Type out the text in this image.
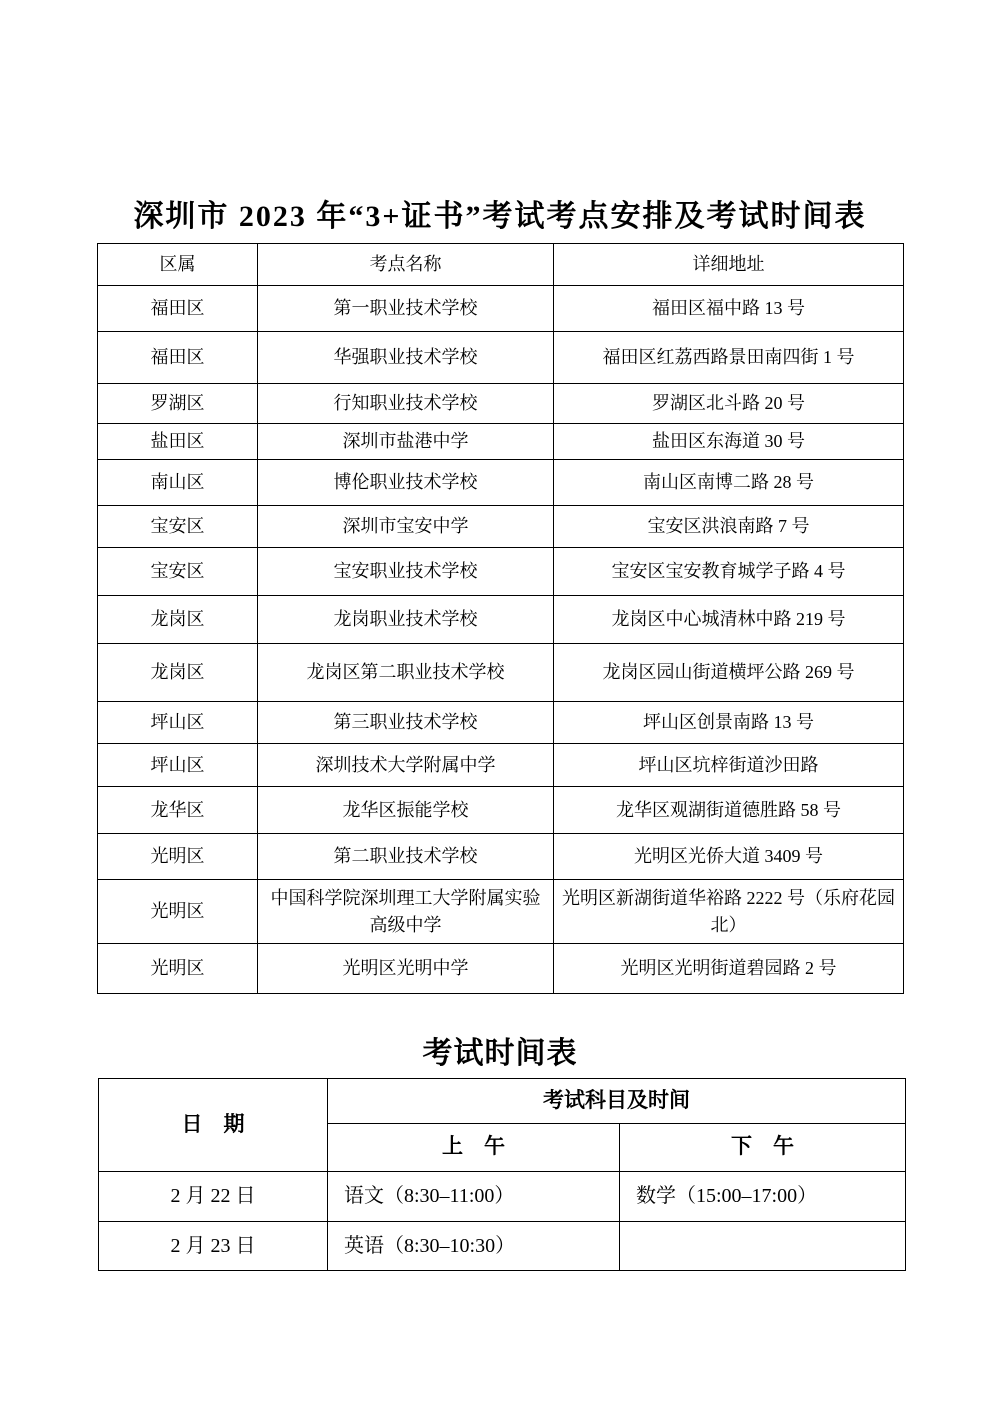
深圳市 2023 年“3+证书”考试考点安排及考试时间表
区属	考点名称	详细地址
福田区	第一职业技术学校	福田区福中路 13 号
福田区	华强职业技术学校	福田区红荔西路景田南四街 1 号
罗湖区	行知职业技术学校	罗湖区北斗路 20 号
盐田区	深圳市盐港中学	盐田区东海道 30 号
南山区	博伦职业技术学校	南山区南博二路 28 号
宝安区	深圳市宝安中学	宝安区洪浪南路 7 号
宝安区	宝安职业技术学校	宝安区宝安教育城学子路 4 号
龙岗区	龙岗职业技术学校	龙岗区中心城清林中路 219 号
龙岗区	龙岗区第二职业技术学校	龙岗区园山街道横坪公路 269 号
坪山区	第三职业技术学校	坪山区创景南路 13 号
坪山区	深圳技术大学附属中学	坪山区坑梓街道沙田路
龙华区	龙华区振能学校	龙华区观湖街道德胜路 58 号
光明区	第二职业技术学校	光明区光侨大道 3409 号
光明区	中国科学院深圳理工大学附属实验高级中学	光明区新湖街道华裕路 2222 号（乐府花园北）
光明区	光明区光明中学	光明区光明街道碧园路 2 号
考试时间表
日　期	考试科目及时间	
	上　午	下　午
2 月 22 日	语文（8:30–11:00）	数学（15:00–17:00）
2 月 23 日	英语（8:30–10:30）	
